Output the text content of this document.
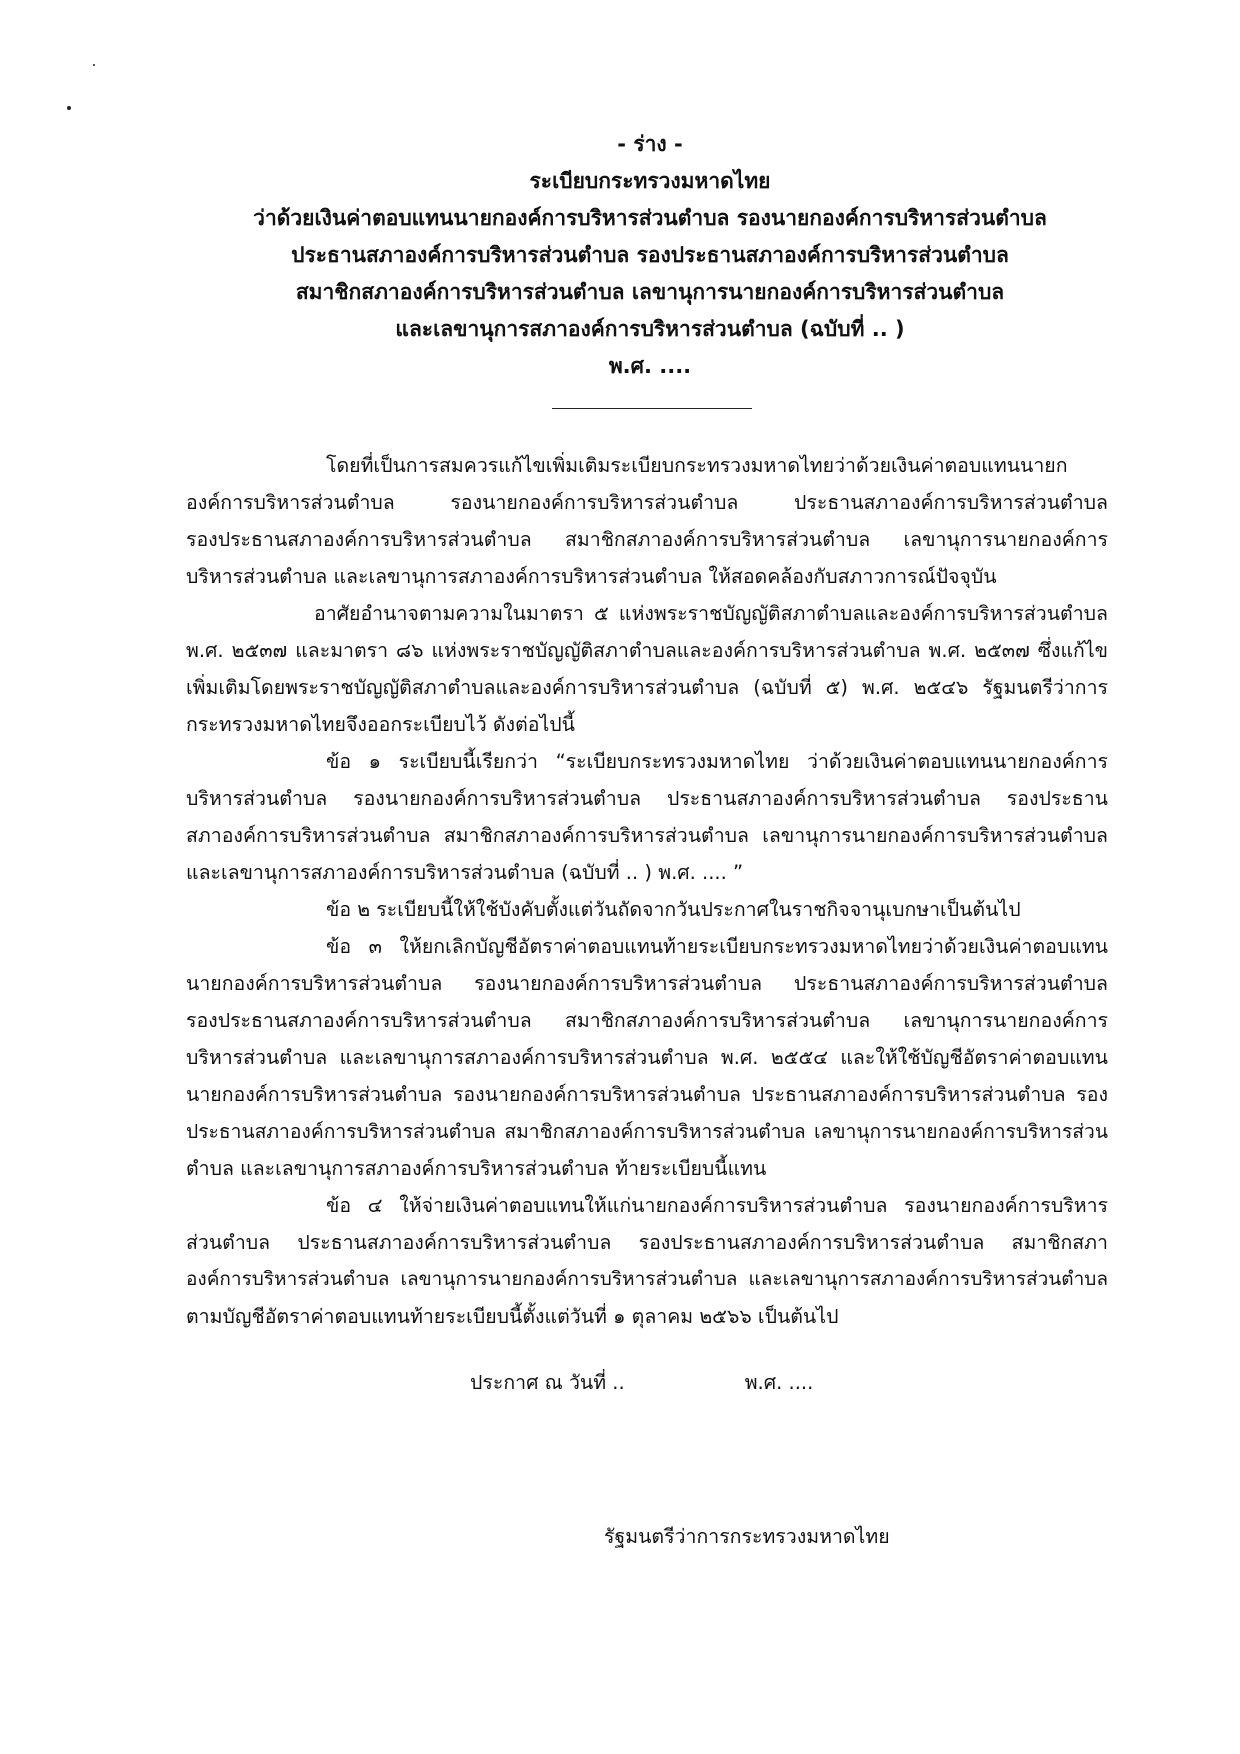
- ร่าง -
ระเบียบกระทรวงมหาดไทย
ว่าด้วยเงินค่าตอบแทนนายกองค์การบริหารส่วนตำบล รองนายกองค์การบริหารส่วนตำบล
ประธานสภาองค์การบริหารส่วนตำบล รองประธานสภาองค์การบริหารส่วนตำบล
สมาชิกสภาองค์การบริหารส่วนตำบล เลขานุการนายกองค์การบริหารส่วนตำบล
และเลขานุการสภาองค์การบริหารส่วนตำบล (ฉบับที่ .. )
พ.ศ. ....
โดยที่เป็นการสมควรแก้ไขเพิ่มเติมระเบียบกระทรวงมหาดไทยว่าด้วยเงินค่าตอบแทนนายก
องค์การบริหารส่วนตำบล รองนายกองค์การบริหารส่วนตำบล ประธานสภาองค์การบริหารส่วนตำบล
รองประธานสภาองค์การบริหารส่วนตำบล สมาชิกสภาองค์การบริหารส่วนตำบล เลขานุการนายกองค์การ
บริหารส่วนตำบล และเลขานุการสภาองค์การบริหารส่วนตำบล ให้สอดคล้องกับสภาวการณ์ปัจจุบัน
อาศัยอำนาจตามความในมาตรา ๕ แห่งพระราชบัญญัติสภาตำบลและองค์การบริหารส่วนตำบล
พ.ศ. ๒๕๓๗ และมาตรา ๘๖ แห่งพระราชบัญญัติสภาตำบลและองค์การบริหารส่วนตำบล พ.ศ. ๒๕๓๗ ซึ่งแก้ไข
เพิ่มเติมโดยพระราชบัญญัติสภาตำบลและองค์การบริหารส่วนตำบล (ฉบับที่ ๕) พ.ศ. ๒๕๔๖ รัฐมนตรีว่าการ
กระทรวงมหาดไทยจึงออกระเบียบไว้ ดังต่อไปนี้
ข้อ ๑ ระเบียบนี้เรียกว่า “ระเบียบกระทรวงมหาดไทย ว่าด้วยเงินค่าตอบแทนนายกองค์การ
บริหารส่วนตำบล รองนายกองค์การบริหารส่วนตำบล ประธานสภาองค์การบริหารส่วนตำบล รองประธาน
สภาองค์การบริหารส่วนตำบล สมาชิกสภาองค์การบริหารส่วนตำบล เลขานุการนายกองค์การบริหารส่วนตำบล
และเลขานุการสภาองค์การบริหารส่วนตำบล (ฉบับที่ .. ) พ.ศ. .... ”
ข้อ ๒ ระเบียบนี้ให้ใช้บังคับตั้งแต่วันถัดจากวันประกาศในราชกิจจานุเบกษาเป็นต้นไป
ข้อ ๓ ให้ยกเลิกบัญชีอัตราค่าตอบแทนท้ายระเบียบกระทรวงมหาดไทยว่าด้วยเงินค่าตอบแทน
นายกองค์การบริหารส่วนตำบล รองนายกองค์การบริหารส่วนตำบล ประธานสภาองค์การบริหารส่วนตำบล
รองประธานสภาองค์การบริหารส่วนตำบล สมาชิกสภาองค์การบริหารส่วนตำบล เลขานุการนายกองค์การ
บริหารส่วนตำบล และเลขานุการสภาองค์การบริหารส่วนตำบล พ.ศ. ๒๕๕๔ และให้ใช้บัญชีอัตราค่าตอบแทน
นายกองค์การบริหารส่วนตำบล รองนายกองค์การบริหารส่วนตำบล ประธานสภาองค์การบริหารส่วนตำบล รอง
ประธานสภาองค์การบริหารส่วนตำบล สมาชิกสภาองค์การบริหารส่วนตำบล เลขานุการนายกองค์การบริหารส่วน
ตำบล และเลขานุการสภาองค์การบริหารส่วนตำบล ท้ายระเบียบนี้แทน
ข้อ ๔ ให้จ่ายเงินค่าตอบแทนให้แก่นายกองค์การบริหารส่วนตำบล รองนายกองค์การบริหาร
ส่วนตำบล ประธานสภาองค์การบริหารส่วนตำบล รองประธานสภาองค์การบริหารส่วนตำบล สมาชิกสภา
องค์การบริหารส่วนตำบล เลขานุการนายกองค์การบริหารส่วนตำบล และเลขานุการสภาองค์การบริหารส่วนตำบล
ตามบัญชีอัตราค่าตอบแทนท้ายระเบียบนี้ตั้งแต่วันที่ ๑ ตุลาคม ๒๕๖๖ เป็นต้นไป
ประกาศ ณ วันที่ ..	พ.ศ. ....
รัฐมนตรีว่าการกระทรวงมหาดไทย
